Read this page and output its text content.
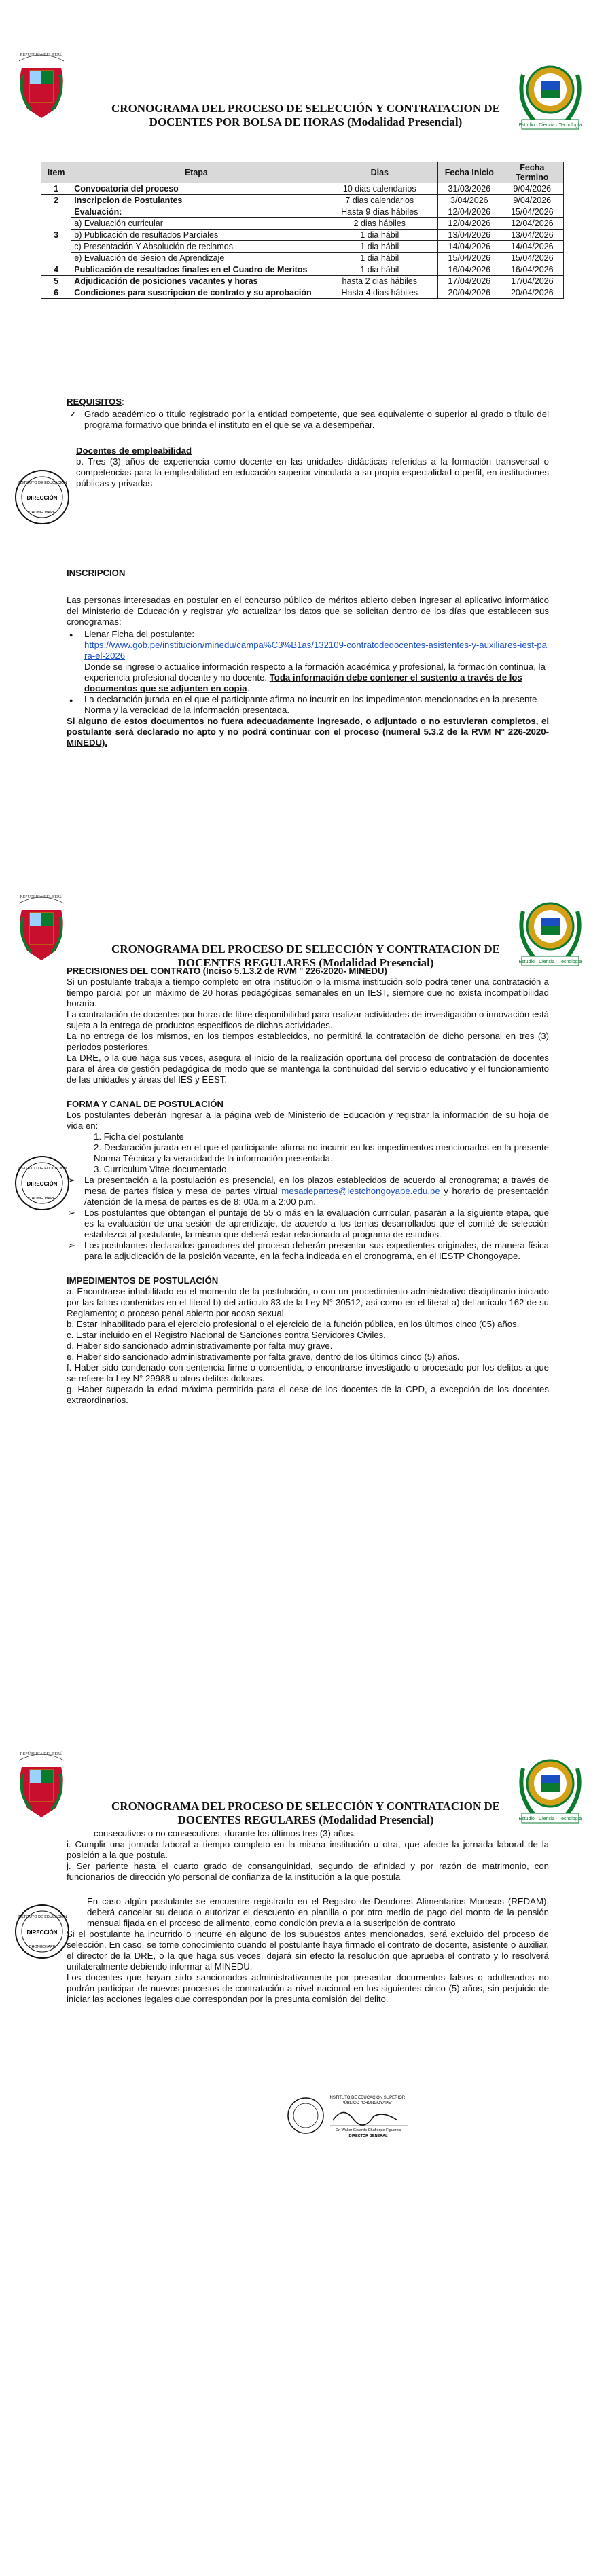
REPÚBLICA DEL PERÚ
CRONOGRAMA DEL PROCESO DE SELECCIÓN Y CONTRATACION DE DOCENTES POR BOLSA DE HORAS (Modalidad Presencial)	Estudio · Ciencia · Tecnología
Item	Etapa	Dias	Fecha Inicio	Fecha Termino
1	Convocatoria del proceso	10 dias calendarios	31/03/2026	9/04/2026
2	Inscripcion de Postulantes	7 dias calendarios	3/04/2026	9/04/2026
3	Evaluación:	Hasta 9 días hábiles	12/04/2026	15/04/2026
	a) Evaluación curricular	2 dias hábiles	12/04/2026	12/04/2026
	b) Publicación de resultados Parciales	1 dia hábil	13/04/2026	13/04/2026
	c) Presentación Y Absolución de reclamos	1 dia hábil	14/04/2026	14/04/2026
	e) Evaluación de Sesion de Aprendizaje	1 dia hábil	15/04/2026	15/04/2026
4	Publicación de resultados finales en el Cuadro de Meritos	1 dia hábil	16/04/2026	16/04/2026
5	Adjudicación de posiciones vacantes y horas	hasta 2 dias hábiles	17/04/2026	17/04/2026
6	Condiciones para suscripcion de contrato y su aprobación	Hasta 4 dias hábiles	20/04/2026	20/04/2026

REQUISITOS:

✓ Grado académico o título registrado por la entidad competente, que sea equivalente o superior al grado o título del programa formativo que brinda el instituto en el que se va a desempeñar.

Docentes de empleabilidad

b. Tres (3) años de experiencia como docente en las unidades didácticas referidas a la formación transversal o competencias para la empleabilidad en educación superior vinculada a su propia especialidad o perfil, en instituciones públicas y privadas

INSTITUTO DE EDUCACIÓN
DIRECCIÓN
CHONGOYAPE

INSCRIPCION

Las personas interesadas en postular en el concurso público de méritos abierto deben ingresar al aplicativo informático del Ministerio de Educación y registrar y/o actualizar los datos que se solicitan dentro de los días que establecen sus cronogramas:

● Llenar Ficha del postulante:
https://www.gob.pe/institucion/minedu/campa%C3%B1as/132109-contratodedocentes-asistentes-y-auxiliares-iest-para-el-2026
Donde se ingrese o actualice información respecto a la formación académica y profesional, la formación continua, la experiencia profesional docente y no docente. Toda información debe contener el sustento a través de los documentos que se adjunten en copia.
● La declaración jurada en el que el participante afirma no incurrir en los impedimentos mencionados en la presente Norma y la veracidad de la información presentada.

Si alguno de estos documentos no fuera adecuadamente ingresado, o adjuntado o no estuvieran completos, el postulante será declarado no apto y no podrá continuar con el proceso (numeral 5.3.2 de la RVM N° 226-2020- MINEDU).

REPÚBLICA DEL PERÚ
CRONOGRAMA DEL PROCESO DE SELECCIÓN Y CONTRATACION DE DOCENTES REGULARES (Modalidad Presencial)	Estudio · Ciencia · Tecnología

PRECISIONES DEL CONTRATO (Inciso 5.1.3.2 de RVM ° 226-2020- MINEDU)

Si un postulante trabaja a tiempo completo en otra institución o la misma institución solo podrá tener una contratación a tiempo parcial por un máximo de 20 horas pedagógicas semanales en un IEST, siempre que no exista incompatibilidad horaria.

La contratación de docentes por horas de libre disponibilidad para realizar actividades de investigación o innovación está sujeta a la entrega de productos específicos de dichas actividades.

La no entrega de los mismos, en los tiempos establecidos, no permitirá la contratación de dicho personal en tres (3) periodos posteriores.

La DRE, o la que haga sus veces, asegura el inicio de la realización oportuna del proceso de contratación de docentes para el área de gestión pedagógica de modo que se mantenga la continuidad del servicio educativo y el funcionamiento de las unidades y áreas del IES y EEST.

FORMA Y CANAL DE POSTULACIÓN

Los postulantes deberán ingresar a la página web de Ministerio de Educación y registrar la información de su hoja de vida en:

1. Ficha del postulante

2. Declaración jurada en el que el participante afirma no incurrir en los impedimentos mencionados en la presente Norma Técnica y la veracidad de la información presentada.

3. Curriculum Vitae documentado.

➢ La presentación a la postulación es presencial, en los plazos establecidos de acuerdo al cronograma; a través de mesa de partes física y mesa de partes virtual mesadepartes@iestchongoyape.edu.pe y horario de presentación /atención de la mesa de partes es de 8: 00a.m a 2:00 p.m.
➢ Los postulantes que obtengan el puntaje de 55 o más en la evaluación curricular, pasarán a la siguiente etapa, que es la evaluación de una sesión de aprendizaje, de acuerdo a los temas desarrollados que el comité de selección establezca al postulante, la misma que deberá estar relacionada al programa de estudios.
➢ Los postulantes declarados ganadores del proceso deberán presentar sus expedientes originales, de manera física para la adjudicación de la posición vacante, en la fecha indicada en el cronograma, en el IESTP Chongoyape.

IMPEDIMENTOS DE POSTULACIÓN

a. Encontrarse inhabilitado en el momento de la postulación, o con un procedimiento administrativo disciplinario iniciado por las faltas contenidas en el literal b) del artículo 83 de la Ley N° 30512, así como en el literal a) del artículo 162 de su Reglamento; o proceso penal abierto por acoso sexual.

b. Estar inhabilitado para el ejercicio profesional o el ejercicio de la función pública, en los últimos cinco (05) años.

c. Estar incluido en el Registro Nacional de Sanciones contra Servidores Civiles.

d. Haber sido sancionado administrativamente por falta muy grave.

e. Haber sido sancionado administrativamente por falta grave, dentro de los últimos cinco (5) años.

f. Haber sido condenado con sentencia firme o consentida, o encontrarse investigado o procesado por los delitos a que se refiere la Ley N° 29988 u otros delitos dolosos.

g. Haber superado la edad máxima permitida para el cese de los docentes de la CPD, a excepción de los docentes extraordinarios.

INSTITUTO DE EDUCACIÓN
DIRECCIÓN
CHONGOYAPE
REPÚBLICA DEL PERÚ
CRONOGRAMA DEL PROCESO DE SELECCIÓN Y CONTRATACION DE DOCENTES REGULARES (Modalidad Presencial)	Estudio · Ciencia · Tecnología

consecutivos o no consecutivos, durante los últimos tres (3) años.

i. Cumplir una jornada laboral a tiempo completo en la misma institución u otra, que afecte la jornada laboral de la posición a la que postula.

j. Ser pariente hasta el cuarto grado de consanguinidad, segundo de afinidad y por razón de matrimonio, con funcionarios de dirección y/o personal de confianza de la institución a la que postula

En caso algún postulante se encuentre registrado en el Registro de Deudores Alimentarios Morosos (REDAM), deberá cancelar su deuda o autorizar el descuento en planilla o por otro medio de pago del monto de la pensión mensual fijada en el proceso de alimento, como condición previa a la suscripción de contrato

Si el postulante ha incurrido o incurre en alguno de los supuestos antes mencionados, será excluido del proceso de selección. En caso, se tome conocimiento cuando el postulante haya firmado el contrato de docente, asistente o auxiliar, el director de la DRE, o la que haga sus veces, dejará sin efecto la resolución que aprueba el contrato y lo resolverá unilateralmente debiendo informar al MINEDU.

Los docentes que hayan sido sancionados administrativamente por presentar documentos falsos o adulterados no podrán participar de nuevos procesos de contratación a nivel nacional en los siguientes cinco (5) años, sin perjuicio de iniciar las acciones legales que correspondan por la presunta comisión del delito.

INSTITUTO DE EDUCACIÓN
DIRECCIÓN
CHONGOYAPE
INSTITUTO DE EDUCACIÓN SUPERIOR
PÚBLICO "CHONGOYAPE"
Dr. Walter Gerardo Chafloque Figueroa
DIRECTOR GENERAL
